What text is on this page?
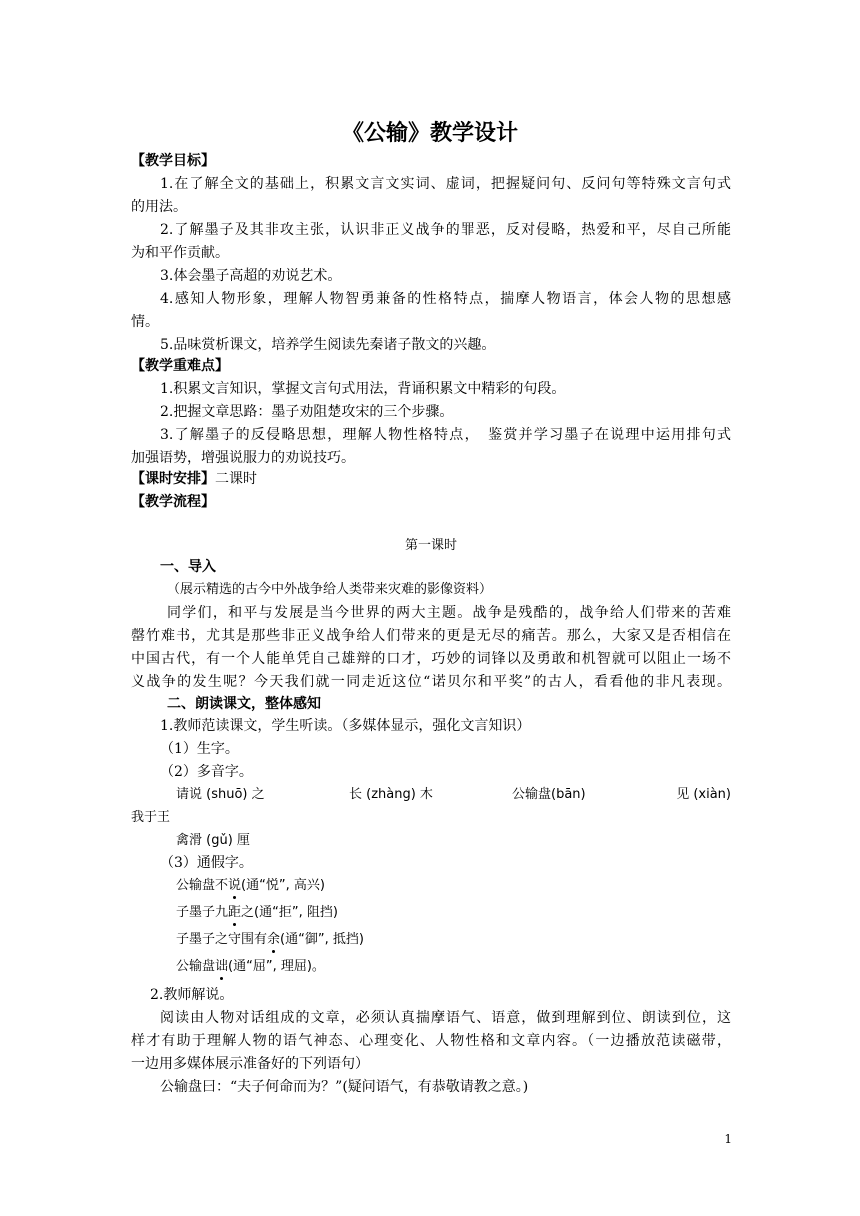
《公输》教学设计
【教学目标】
1.在了解全文的基础上，积累文言文实词、虚词，把握疑问句、反问句等特殊文言句式
的用法。
2.了解墨子及其非攻主张，认识非正义战争的罪恶，反对侵略，热爱和平，尽自己所能
为和平作贡献。
3.体会墨子高超的劝说艺术。
4.感知人物形象，理解人物智勇兼备的性格特点，揣摩人物语言，体会人物的思想感
情。
5.品味赏析课文，培养学生阅读先秦诸子散文的兴趣。
【教学重难点】
1.积累文言知识，掌握文言句式用法，背诵积累文中精彩的句段。
2.把握文章思路：墨子劝阻楚攻宋的三个步骤。
3.了解墨子的反侵略思想，理解人物性格特点，　鉴赏并学习墨子在说理中运用排句式
加强语势，增强说服力的劝说技巧。
【课时安排】二课时
【教学流程】
第一课时
一、导入
（展示精选的古今中外战争给人类带来灾难的影像资料）
同学们，和平与发展是当今世界的两大主题。战争是残酷的，战争给人们带来的苦难
罄竹难书，尤其是那些非正义战争给人们带来的更是无尽的痛苦。那么，大家又是否相信在
中国古代，有一个人能单凭自己雄辩的口才，巧妙的词锋以及勇敢和机智就可以阻止一场不
义战争的发生呢？今天我们就一同走近这位“诺贝尔和平奖”的古人，看看他的非凡表现。
二、朗读课文，整体感知
1.教师范读课文，学生听读。（多媒体显示，强化文言知识）
（1）生字。
（2）多音字。
请说 (shuō) 之	长 (zhàng) 木	公输盘(bān)	见 (xiàn)
我于王
禽滑 (gǔ) 厘
（3）通假字。
公输盘不说(通“悦”, 高兴)
子墨子九距之(通“拒”, 阻挡)
子墨子之守围有余(通“御”, 抵挡)
公输盘诎(通“屈”, 理屈)。
2.教师解说。
阅读由人物对话组成的文章，必须认真揣摩语气、语意，做到理解到位、朗读到位，这
样才有助于理解人物的语气神态、心理变化、人物性格和文章内容。（一边播放范读磁带，
一边用多媒体展示准备好的下列语句）
公输盘曰：“夫子何命而为？”(疑问语气，有恭敬请教之意。)
1
